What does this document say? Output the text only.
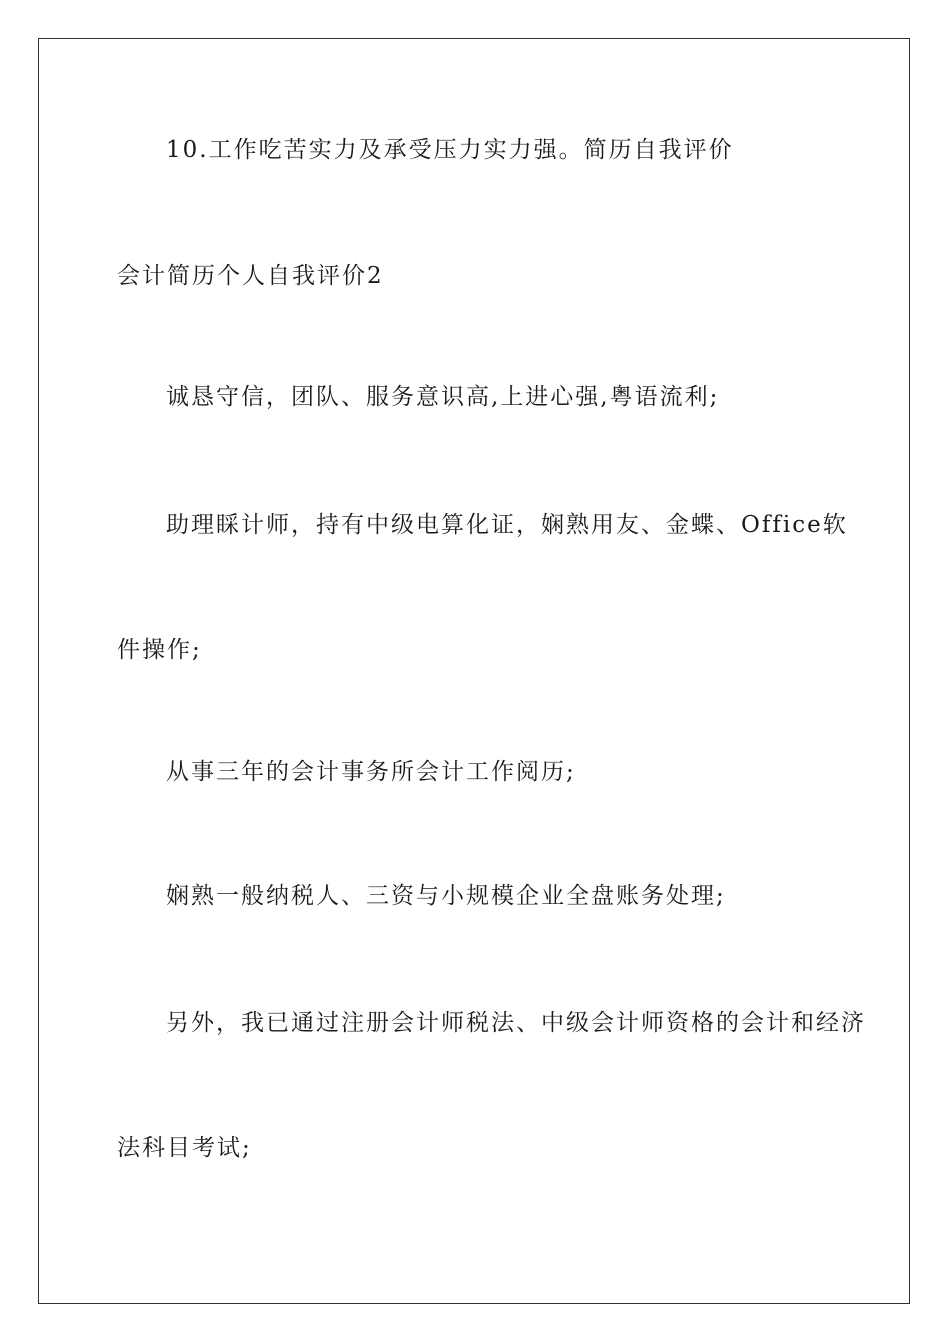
10.工作吃苦实力及承受压力实力强。简历自我评价
会计简历个人自我评价2
诚恳守信，团队、服务意识高,上进心强,粤语流利;
助理睬计师，持有中级电算化证，娴熟用友、金蝶、Office软
件操作;
从事三年的会计事务所会计工作阅历;
娴熟一般纳税人、三资与小规模企业全盘账务处理;
另外，我已通过注册会计师税法、中级会计师资格的会计和经济
法科目考试;
